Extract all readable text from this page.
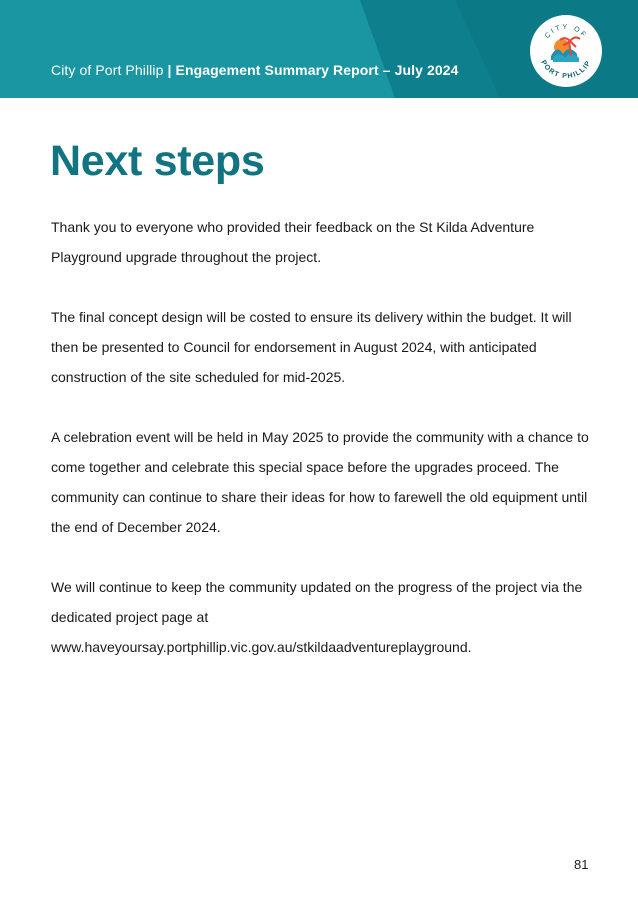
City of Port Phillip | Engagement Summary Report – July 2024
CITY OF
PORT PHILLIP
Next steps

Thank you to everyone who provided their feedback on the St Kilda Adventure Playground upgrade throughout the project.

The final concept design will be costed to ensure its delivery within the budget. It will then be presented to Council for endorsement in August 2024, with anticipated construction of the site scheduled for mid-2025.

A celebration event will be held in May 2025 to provide the community with a chance to come together and celebrate this special space before the upgrades proceed. The community can continue to share their ideas for how to farewell the old equipment until the end of December 2024.

We will continue to keep the community updated on the progress of the project via the dedicated project page at www.haveyoursay.portphillip.vic.gov.au/stkildaadventureplayground.

81
